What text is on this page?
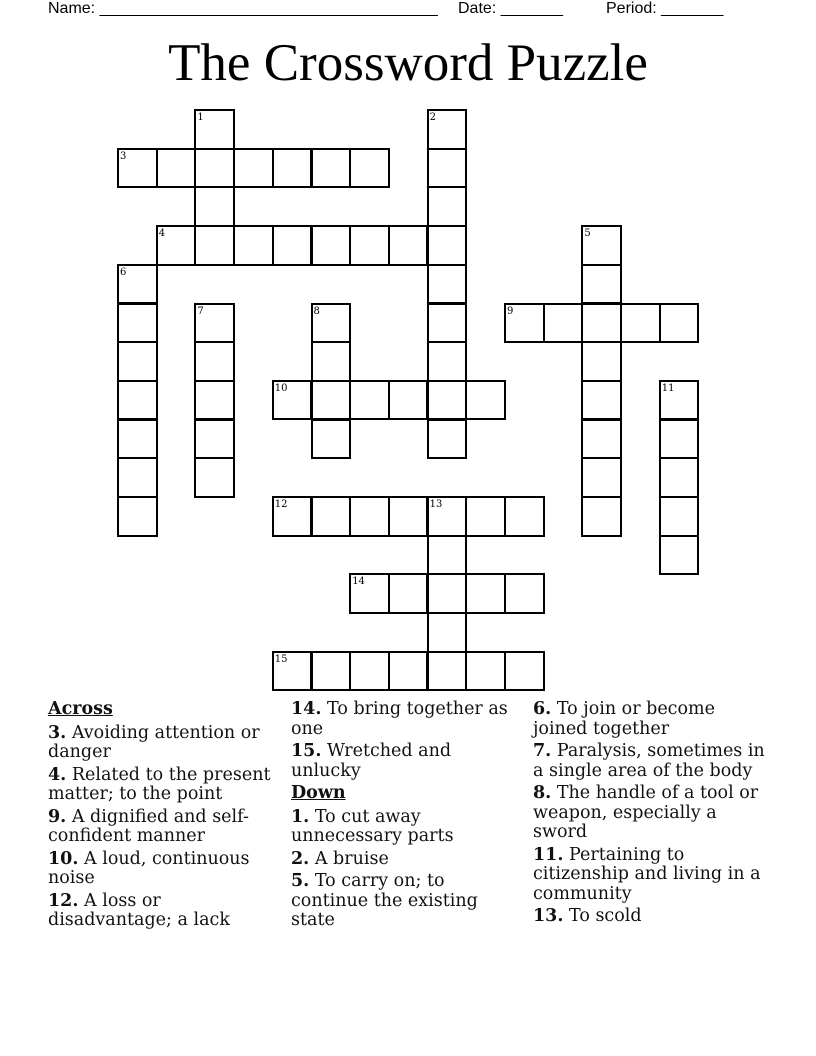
Name: ______________________________________ Date: _______	Period: _______
The Crossword Puzzle
1	2
3
4	5
6
7	8	9
10	11
12	13
14
15
Across
3. Avoiding attention or danger
4. Related to the present matter; to the point
9. A dignified and self-confident manner
10. A loud, continuous noise
12. A loss or disadvantage; a lack
14. To bring together as one
15. Wretched and unlucky
Down
1. To cut away unnecessary parts
2. A bruise
5. To carry on; to continue the existing state
6. To join or become joined together
7. Paralysis, sometimes in a single area of the body
8. The handle of a tool or weapon, especially a sword
11. Pertaining to citizenship and living in a community
13. To scold
